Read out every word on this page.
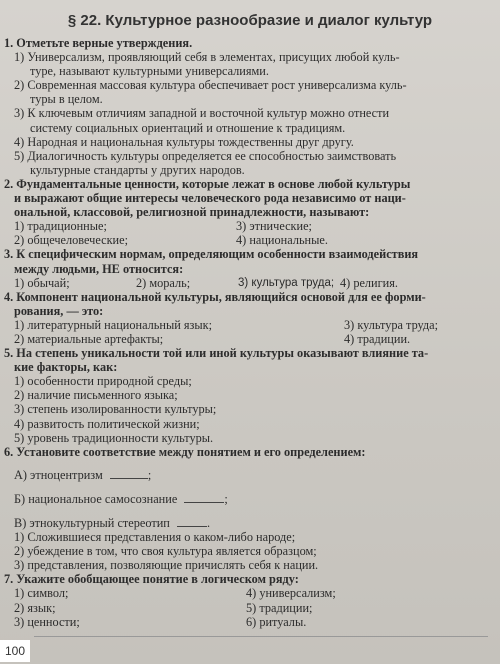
§ 22. Культурное разнообразие и диалог культур
1. Отметьте верные утверждения.
1) Универсализм, проявляющий себя в элементах, присущих любой куль-
туре, называют культурными универсалиями.
2) Современная массовая культура обеспечивает рост универсализма куль-
туры в целом.
3) К ключевым отличиям западной и восточной культур можно отнести
систему социальных ориентаций и отношение к традициям.
4) Народная и национальная культуры тождественны друг другу.
5) Диалогичность культуры определяется ее способностью заимствовать
культурные стандарты у других народов.
2. Фундаментальные ценности, которые лежат в основе любой культуры
и выражают общие интересы человеческого рода независимо от наци-
ональной, классовой, религиозной принадлежности, называют:
1) традиционные;	3) этнические;
2) общечеловеческие;	4) национальные.
3. К специфическим нормам, определяющим особенности взаимодействия
между людьми, НЕ относится:
1) обычай;	2) мораль;	3) культура труда; 4) религия.
4. Компонент национальной культуры, являющийся основой для ее форми-
рования, — это:
1) литературный национальный язык;	3) культура труда;
2) материальные артефакты;	4) традиции.
5. На степень уникальности той или иной культуры оказывают влияние та-
кие факторы, как:
1) особенности природной среды;
2) наличие письменного языка;
3) степень изолированности культуры;
4) развитость политической жизни;
5) уровень традиционности культуры.
6. Установите соответствие между понятием и его определением:
А) этноцентризм	;
Б) национальное самосознание	;
В) этнокультурный стереотип	.
1) Сложившиеся представления о каком-либо народе;
2) убеждение в том, что своя культура является образцом;
3) представления, позволяющие причислять себя к нации.
7. Укажите обобщающее понятие в логическом ряду:
1) символ;	4) универсализм;
2) язык;	5) традиции;
3) ценности;	6) ритуалы.
100
